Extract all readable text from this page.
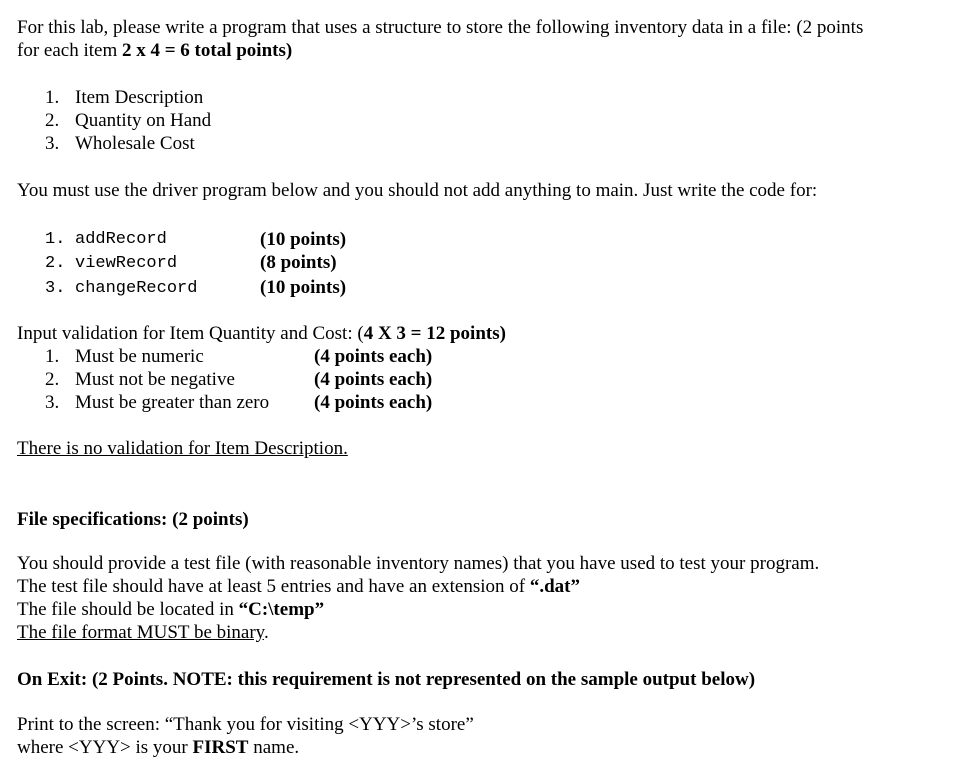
For this lab, please write a program that uses a structure to store the following inventory data in a file: (2 points
for each item 2 x 4 = 6 total points)
1. Item Description
2. Quantity on Hand
3. Wholesale Cost
You must use the driver program below and you should not add anything to main. Just write the code for:
1. addRecord	(10 points)
2. viewRecord	(8 points)
3. changeRecord	(10 points)
Input validation for Item Quantity and Cost: (4 X 3 = 12 points)
1. Must be numeric	(4 points each)
2. Must not be negative	(4 points each)
3. Must be greater than zero (4 points each)
There is no validation for Item Description.
File specifications: (2 points)
You should provide a test file (with reasonable inventory names) that you have used to test your program.
The test file should have at least 5 entries and have an extension of “.dat”
The file should be located in “C:\temp”
The file format MUST be binary.
On Exit: (2 Points. NOTE: this requirement is not represented on the sample output below)
Print to the screen: “Thank you for visiting <YYY>’s store”
where <YYY> is your FIRST name.
